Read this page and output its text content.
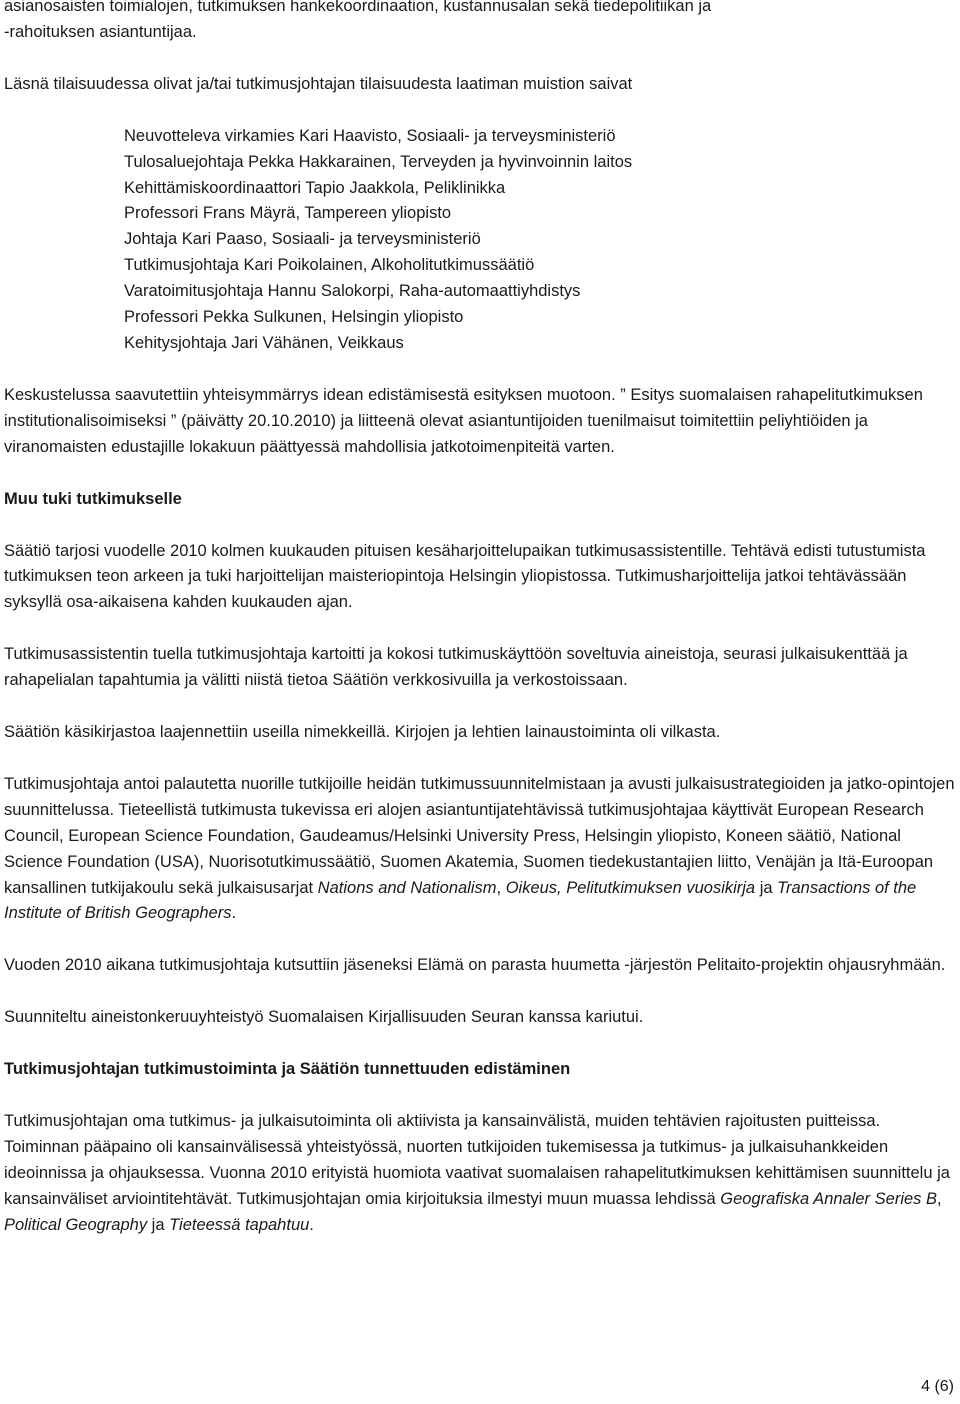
asianosaisten toimialojen, tutkimuksen hankekoordinaation, kustannusalan sekä tiedepolitiikan ja

-rahoituksen asiantuntijaa.

Läsnä tilaisuudessa olivat ja/tai tutkimusjohtajan tilaisuudesta laatiman muistion saivat

Neuvotteleva virkamies Kari Haavisto, Sosiaali- ja terveysministeriö

Tulosaluejohtaja Pekka Hakkarainen, Terveyden ja hyvinvoinnin laitos

Kehittämiskoordinaattori Tapio Jaakkola, Peliklinikka

Professori Frans Mäyrä, Tampereen yliopisto

Johtaja Kari Paaso, Sosiaali- ja terveysministeriö

Tutkimusjohtaja Kari Poikolainen, Alkoholitutkimussäätiö

Varatoimitusjohtaja Hannu Salokorpi, Raha-automaattiyhdistys

Professori Pekka Sulkunen, Helsingin yliopisto

Kehitysjohtaja Jari Vähänen, Veikkaus

Keskustelussa saavutettiin yhteisymmärrys idean edistämisestä esityksen muotoon. ” Esitys suomalaisen rahapelitutkimuksen institutionalisoimiseksi ” (päivätty 20.10.2010) ja liitteenä olevat asiantuntijoiden tuenilmaisut toimitettiin peliyhtiöiden ja viranomaisten edustajille lokakuun päättyessä mahdollisia jatkotoimenpiteitä varten.

Muu tuki tutkimukselle

Säätiö tarjosi vuodelle 2010 kolmen kuukauden pituisen kesäharjoittelupaikan tutkimusassistentille. Tehtävä edisti tutustumista tutkimuksen teon arkeen ja tuki harjoittelijan maisteriopintoja Helsingin yliopistossa. Tutkimusharjoittelija jatkoi tehtävässään syksyllä osa-aikaisena kahden kuukauden ajan.

Tutkimusassistentin tuella tutkimusjohtaja kartoitti ja kokosi tutkimuskäyttöön soveltuvia aineistoja, seurasi julkaisukenttää ja rahapelialan tapahtumia ja välitti niistä tietoa Säätiön verkkosivuilla ja verkostoissaan.

Säätiön käsikirjastoa laajennettiin useilla nimekkeillä. Kirjojen ja lehtien lainaustoiminta oli vilkasta.

Tutkimusjohtaja antoi palautetta nuorille tutkijoille heidän tutkimussuunnitelmistaan ja avusti julkaisustrategioiden ja jatko-opintojen suunnittelussa. Tieteellistä tutkimusta tukevissa eri alojen asiantuntijatehtävissä tutkimusjohtajaa käyttivät European Research Council, European Science Foundation, Gaudeamus/Helsinki University Press, Helsingin yliopisto, Koneen säätiö, National Science Foundation (USA), Nuorisotutkimussäätiö, Suomen Akatemia, Suomen tiedekustantajien liitto, Venäjän ja Itä-Euroopan kansallinen tutkijakoulu sekä julkaisusarjat Nations and Nationalism, Oikeus, Pelitutkimuksen vuosikirja ja Transactions of the Institute of British Geographers.

Vuoden 2010 aikana tutkimusjohtaja kutsuttiin jäseneksi Elämä on parasta huumetta -järjestön Pelitaito-projektin ohjausryhmään.

Suunniteltu aineistonkeruuyhteistyö Suomalaisen Kirjallisuuden Seuran kanssa kariutui.

Tutkimusjohtajan tutkimustoiminta ja Säätiön tunnettuuden edistäminen

Tutkimusjohtajan oma tutkimus- ja julkaisutoiminta oli aktiivista ja kansainvälistä, muiden tehtävien rajoitusten puitteissa. Toiminnan pääpaino oli kansainvälisessä yhteistyössä, nuorten tutkijoiden tukemisessa ja tutkimus- ja julkaisuhankkeiden ideoinnissa ja ohjauksessa. Vuonna 2010 erityistä huomiota vaativat suomalaisen rahapelitutkimuksen kehittämisen suunnittelu ja kansainväliset arviointitehtävät. Tutkimusjohtajan omia kirjoituksia ilmestyi muun muassa lehdissä Geografiska Annaler Series B, Political Geography ja Tieteessä tapahtuu.

4 (6)
